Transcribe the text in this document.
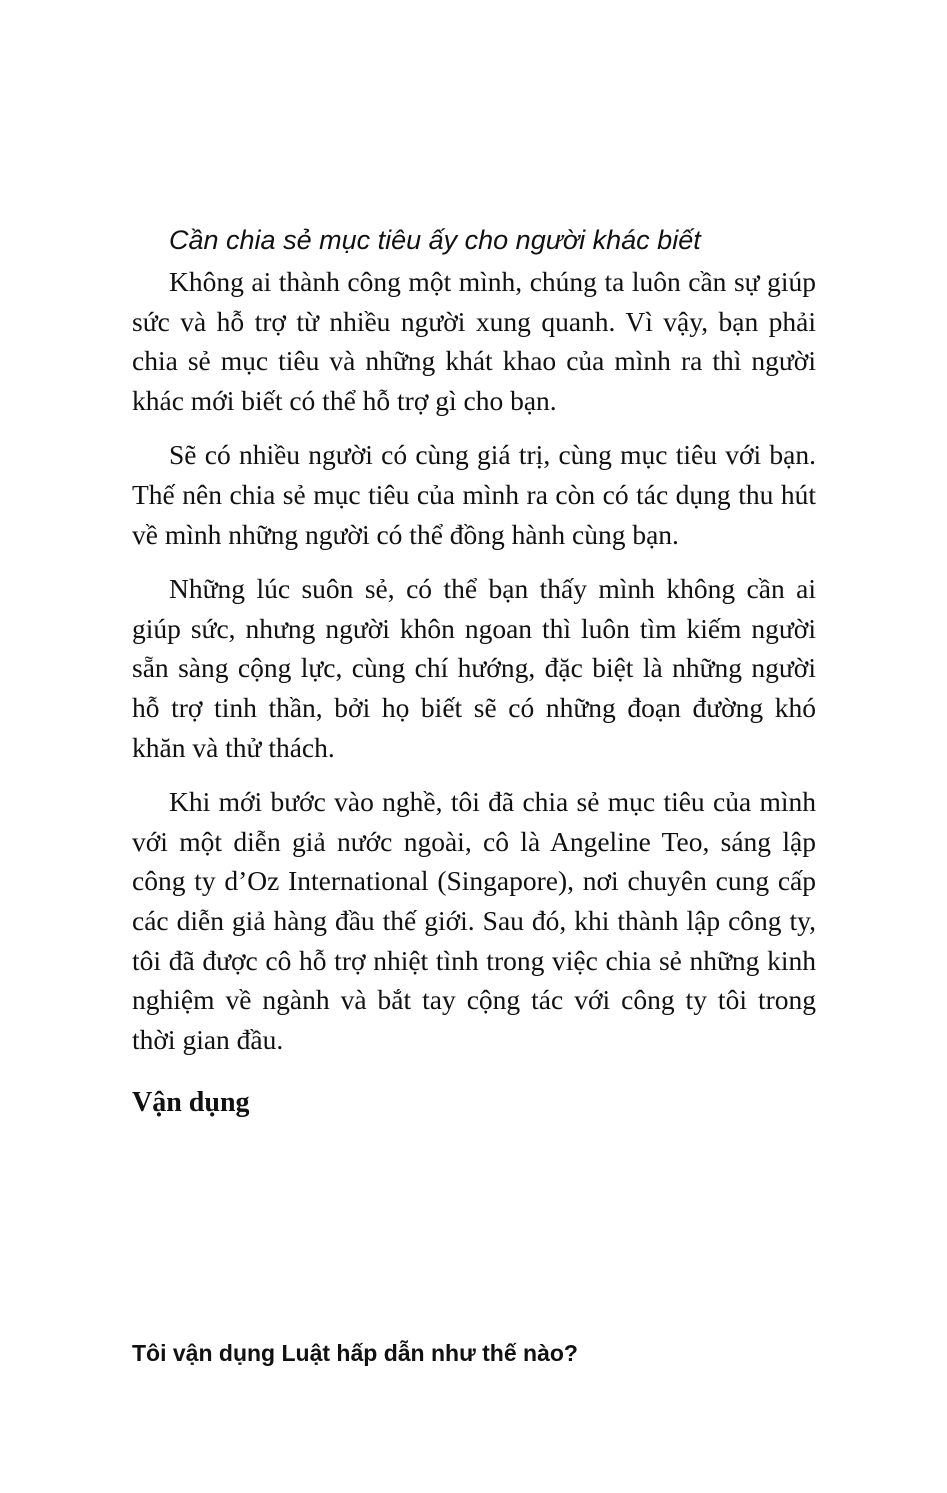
Cần chia sẻ mục tiêu ấy cho người khác biết

Không ai thành công một mình, chúng ta luôn cần sự giúp sức và hỗ trợ từ nhiều người xung quanh. Vì vậy, bạn phải chia sẻ mục tiêu và những khát khao của mình ra thì người khác mới biết có thể hỗ trợ gì cho bạn.

Sẽ có nhiều người có cùng giá trị, cùng mục tiêu với bạn. Thế nên chia sẻ mục tiêu của mình ra còn có tác dụng thu hút về mình những người có thể đồng hành cùng bạn.

Những lúc suôn sẻ, có thể bạn thấy mình không cần ai giúp sức, nhưng người khôn ngoan thì luôn tìm kiếm người sẵn sàng cộng lực, cùng chí hướng, đặc biệt là những người hỗ trợ tinh thần, bởi họ biết sẽ có những đoạn đường khó khăn và thử thách.

Khi mới bước vào nghề, tôi đã chia sẻ mục tiêu của mình với một diễn giả nước ngoài, cô là Angeline Teo, sáng lập công ty d’Oz International (Singapore), nơi chuyên cung cấp các diễn giả hàng đầu thế giới. Sau đó, khi thành lập công ty, tôi đã được cô hỗ trợ nhiệt tình trong việc chia sẻ những kinh nghiệm về ngành và bắt tay cộng tác với công ty tôi trong thời gian đầu.

Vận dụng
Tôi vận dụng Luật hấp dẫn như thế nào?
